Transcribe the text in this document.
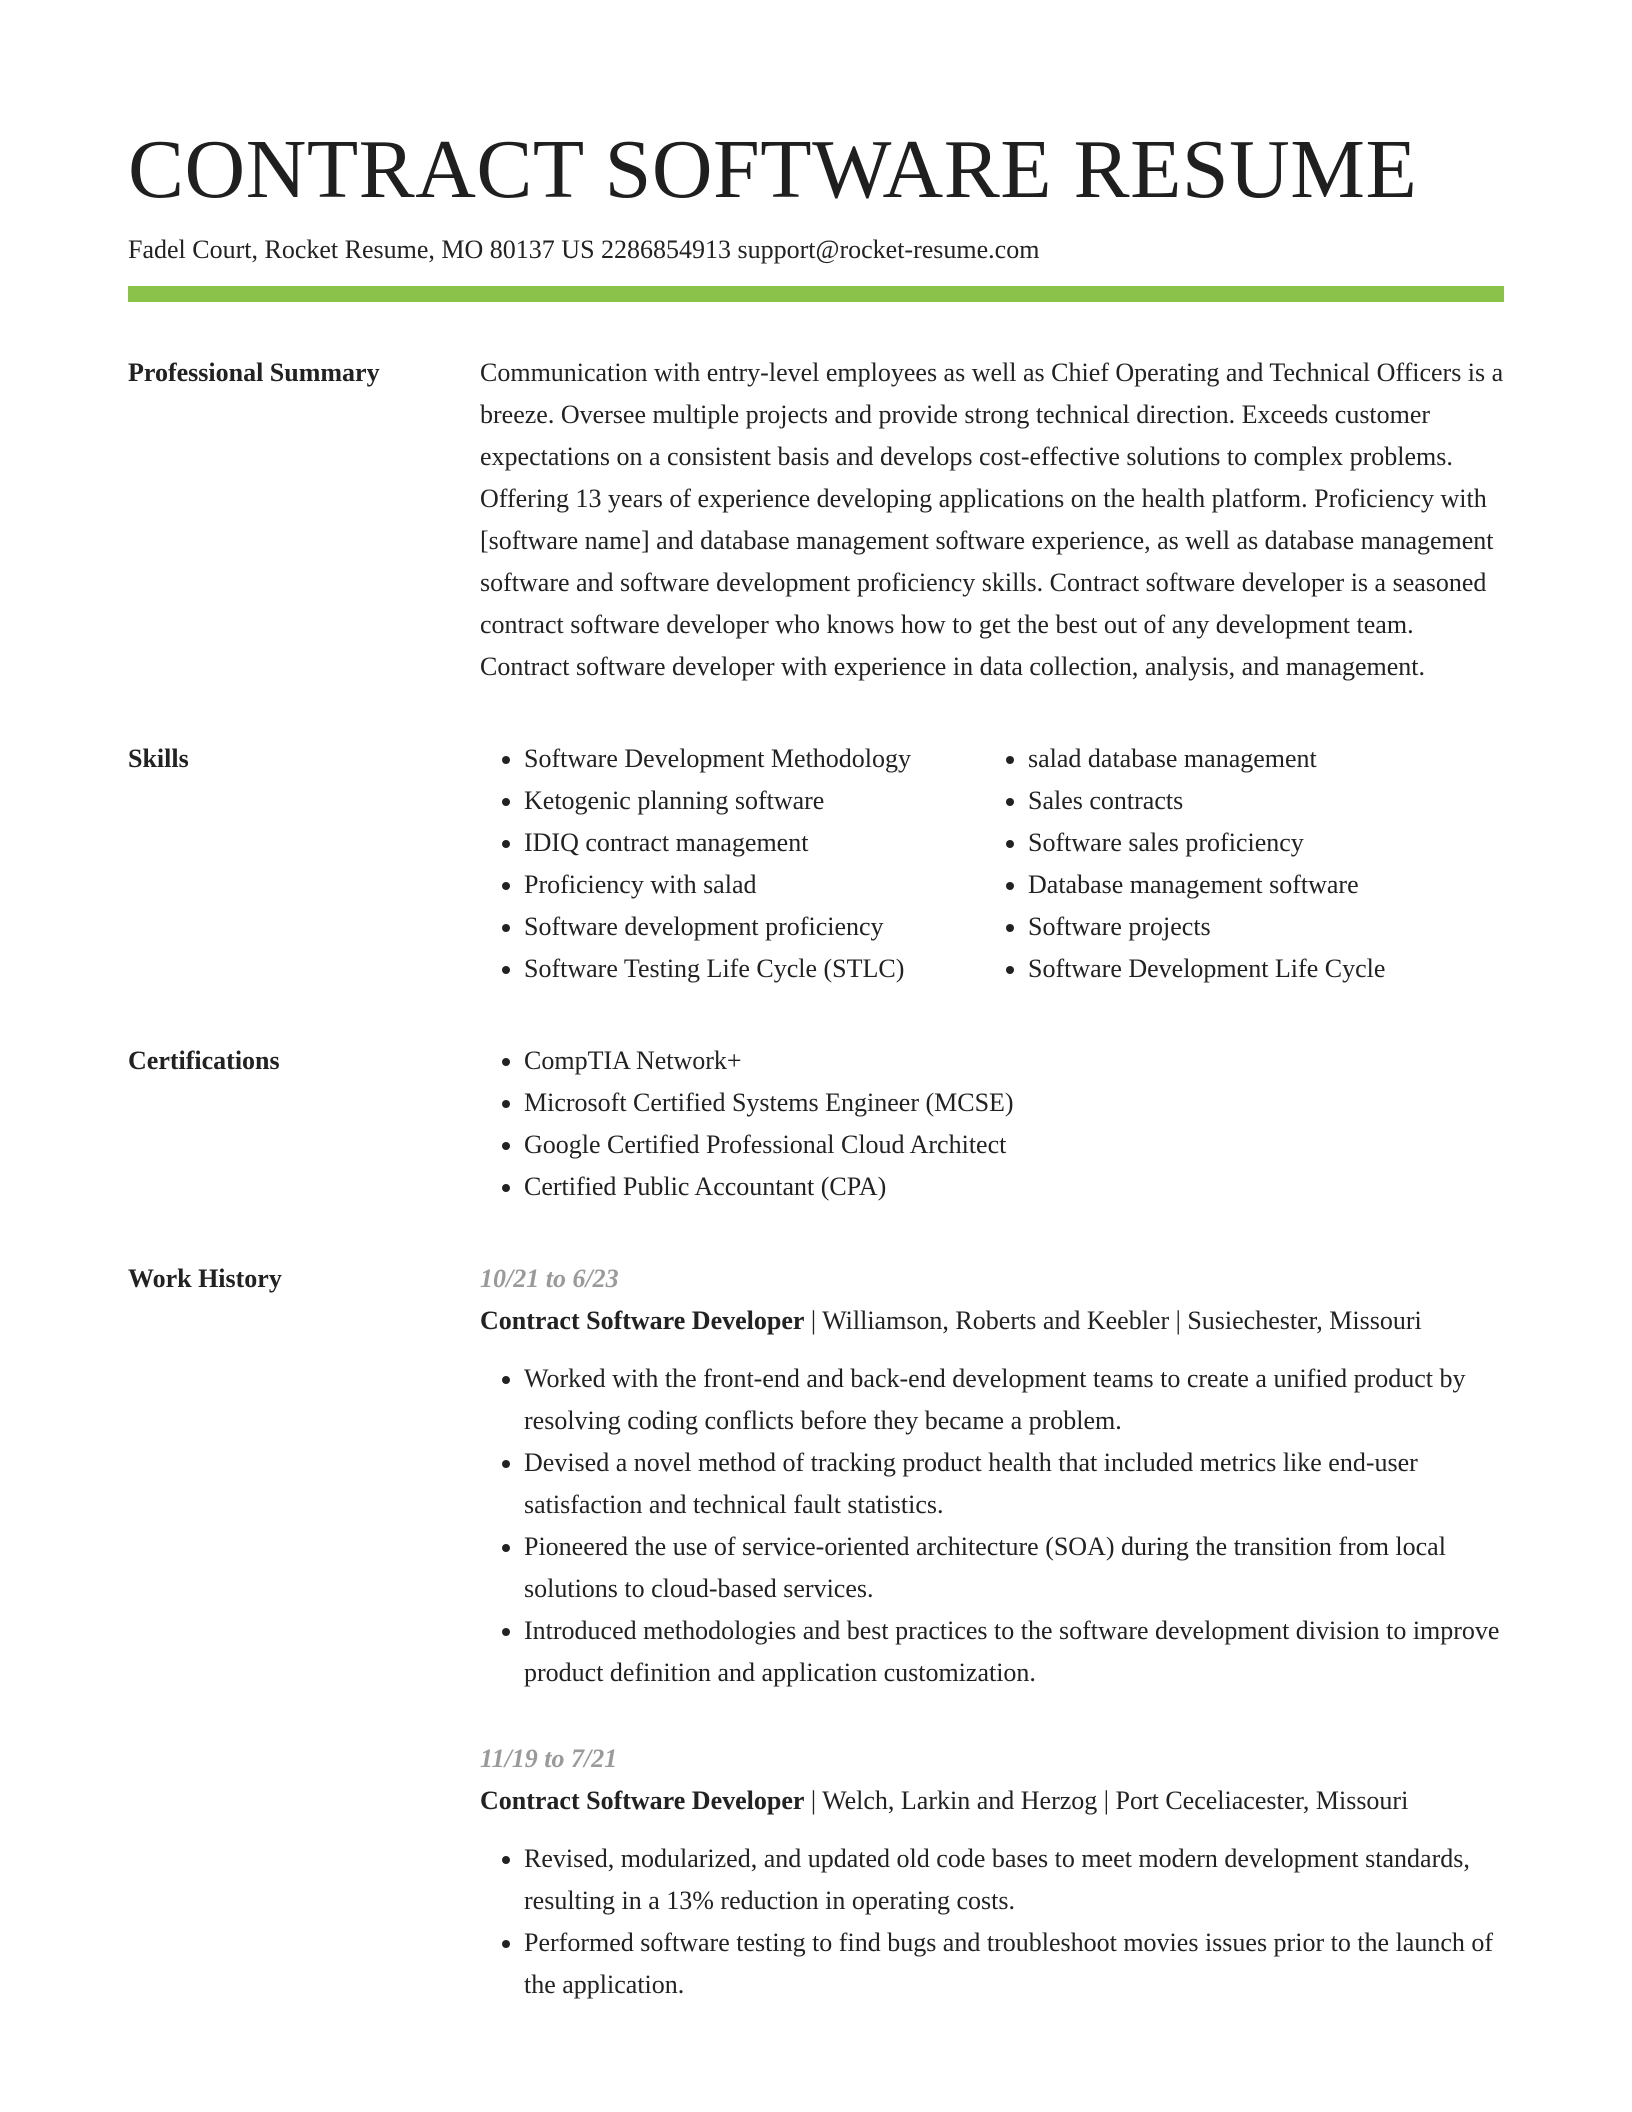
CONTRACT SOFTWARE RESUME
Fadel Court, Rocket Resume, MO 80137 US 2286854913 support@rocket-resume.com
Professional Summary	Communication with entry-level employees as well as Chief Operating and Technical Officers is a breeze. Oversee multiple projects and provide strong technical direction. Exceeds customer expectations on a consistent basis and develops cost-effective solutions to complex problems. Offering 13 years of experience developing applications on the health platform. Proficiency with [software name] and database management software experience, as well as database management software and software development proficiency skills. Contract software developer is a seasoned contract software developer who knows how to get the best out of any development team. Contract software developer with experience in data collection, analysis, and management.

Skills	• Software Development Methodology
• Ketogenic planning software
• IDIQ contract management
• Proficiency with salad
• Software development proficiency
• Software Testing Life Cycle (STLC)
• salad database management
• Sales contracts
• Software sales proficiency
• Database management software
• Software projects
• Software Development Life Cycle
Certifications	• CompTIA Network+
• Microsoft Certified Systems Engineer (MCSE)
• Google Certified Professional Cloud Architect
• Certified Public Accountant (CPA)
Work History	10/21 to 6/23
Contract Software Developer | Williamson, Roberts and Keebler | Susiechester, Missouri
• Worked with the front-end and back-end development teams to create a unified product by resolving coding conflicts before they became a problem.
• Devised a novel method of tracking product health that included metrics like end-user satisfaction and technical fault statistics.
• Pioneered the use of service-oriented architecture (SOA) during the transition from local solutions to cloud-based services.
• Introduced methodologies and best practices to the software development division to improve product definition and application customization.
11/19 to 7/21
Contract Software Developer | Welch, Larkin and Herzog | Port Ceceliacester, Missouri
• Revised, modularized, and updated old code bases to meet modern development standards, resulting in a 13% reduction in operating costs.
• Performed software testing to find bugs and troubleshoot movies issues prior to the launch of the application.
